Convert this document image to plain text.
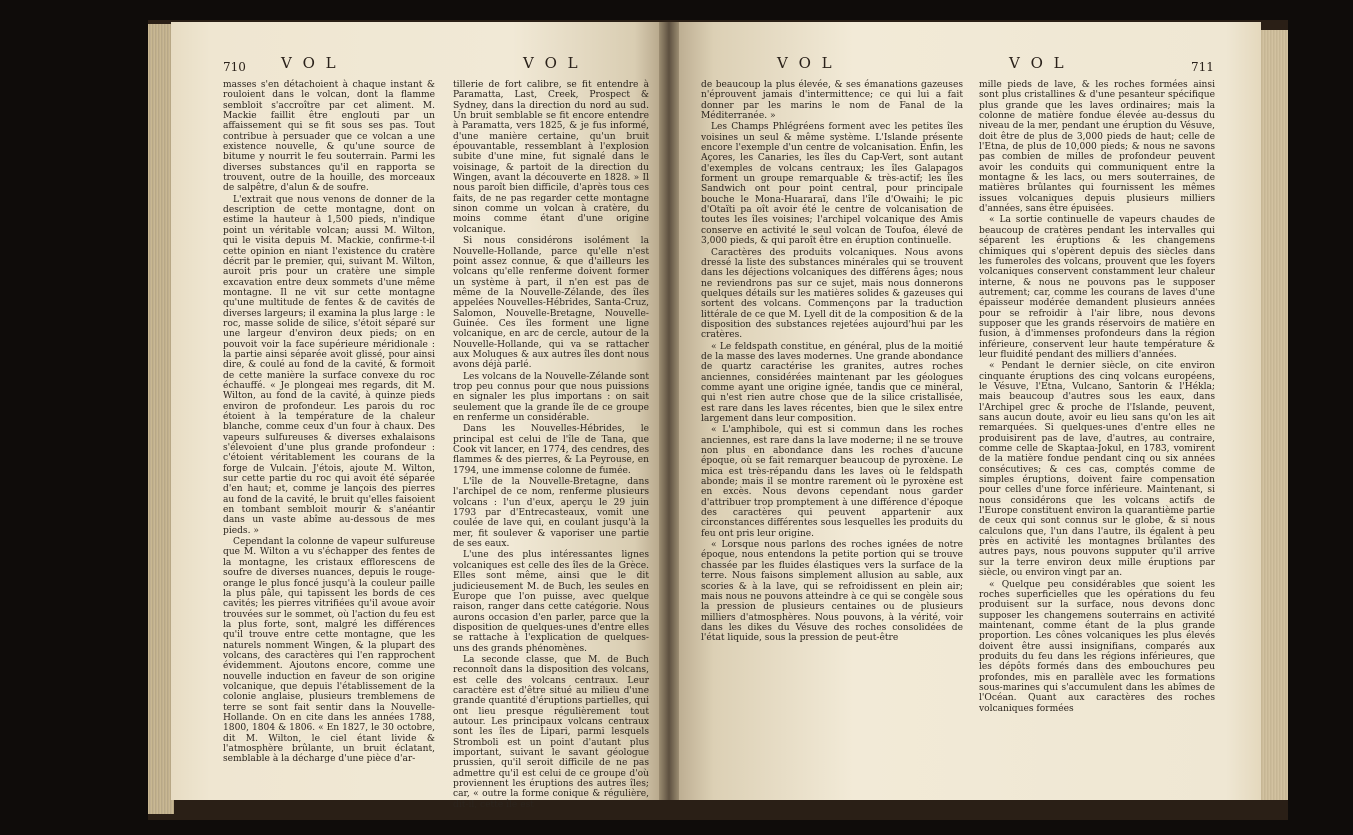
710 V O L	V O L

masses s'en détachoient à chaque instant & rouloient dans le volcan, dont la flamme sembloit s'accroître par cet aliment. M. Mackie faillit être englouti par un affaissement qui se fit sous ses pas. Tout contribue à persuader que ce volcan a une existence nouvelle, & qu'une source de bitume y nourrit le feu souterrain. Parmi les diverses substances qu'il en rapporta se trouvent, outre de la houille, des morceaux de salpêtre, d'alun & de soufre.

L'extrait que nous venons de donner de la description de cette montagne, dont on estime la hauteur à 1,500 pieds, n'indique point un véritable volcan; aussi M. Wilton, qui le visita depuis M. Mackie, confirme-t-il cette opinion en niant l'existence du cratère décrit par le premier, qui, suivant M. Wilton, auroit pris pour un cratère une simple excavation entre deux sommets d'une même montagne. Il ne vit sur cette montagne qu'une multitude de fentes & de cavités de diverses largeurs; il examina la plus large : le roc, masse solide de silice, s'étoit séparé sur une largeur d'environ deux pieds; on en pouvoit voir la face supérieure méridionale : la partie ainsi séparée avoit glissé, pour ainsi dire, & coulé au fond de la cavité, & formoit de cette manière la surface convexe du roc échauffé. « Je plongeai mes regards, dit M. Wilton, au fond de la cavité, à quinze pieds environ de profondeur. Les parois du roc étoient à la température de la chaleur blanche, comme ceux d'un four à chaux. Des vapeurs sulfureuses & diverses exhalaisons s'élevoient d'une plus grande profondeur : c'étoient véritablement les courans de la forge de Vulcain. J'étois, ajoute M. Wilton, sur cette partie du roc qui avoit été séparée d'en haut; et, comme je lançois des pierres au fond de la cavité, le bruit qu'elles faisoient en tombant sembloit mourir & s'anéantir dans un vaste abîme au-dessous de mes pieds. »

Cependant la colonne de vapeur sulfureuse que M. Wilton a vu s'échapper des fentes de la montagne, les cristaux efflorescens de soufre de diverses nuances, depuis le rouge-orange le plus foncé jusqu'à la couleur paille la plus pâle, qui tapissent les bords de ces cavités; les pierres vitrifiées qu'il avoue avoir trouvées sur le sommet, où l'action du feu est la plus forte, sont, malgré les différences qu'il trouve entre cette montagne, que les naturels nomment Wingen, & la plupart des volcans, des caractères qui l'en rapprochent évidemment. Ajoutons encore, comme une nouvelle induction en faveur de son origine volcanique, que depuis l'établissement de la colonie anglaise, plusieurs tremblemens de terre se sont fait sentir dans la Nouvelle-Hollande. On en cite dans les années 1788, 1800, 1804 & 1806. « En 1827, le 30 octobre, dit M. Wilton, le ciel étant livide & l'atmosphère brûlante, un bruit éclatant, semblable à la décharge d'une pièce d'ar-

tillerie de fort calibre, se fit entendre à Paramatta, Last, Creek, Prospect & Sydney, dans la direction du nord au sud. Un bruit semblable se fit encore entendre à Paramatta, vers 1825, & je fus informé, d'une manière certaine, qu'un bruit épouvantable, ressemblant à l'explosion subite d'une mine, fut signalé dans le voisinage, & partoit de la direction du Wingen, avant la découverte en 1828. » Il nous paroît bien difficile, d'après tous ces faits, de ne pas regarder cette montagne sinon comme un volcan à cratère, du moins comme étant d'une origine volcanique.

Si nous considérons isolément la Nouvelle-Hollande, parce qu'elle n'est point assez connue, & que d'ailleurs les volcans qu'elle renferme doivent former un système à part, il n'en est pas de même de la Nouvelle-Zélande, des îles appelées Nouvelles-Hébrides, Santa-Cruz, Salomon, Nouvelle-Bretagne, Nouvelle-Guinée. Ces îles forment une ligne volcanique, en arc de cercle, autour de la Nouvelle-Hollande, qui va se rattacher aux Moluques & aux autres îles dont nous avons déjà parlé.

Les volcans de la Nouvelle-Zélande sont trop peu connus pour que nous puissions en signaler les plus importans : on sait seulement que la grande île de ce groupe en renferme un considérable.

Dans les Nouvelles-Hébrides, le principal est celui de l'île de Tana, que Cook vit lancer, en 1774, des cendres, des flammes & des pierres, & La Peyrouse, en 1794, une immense colonne de fumée.

L'île de la Nouvelle-Bretagne, dans l'archipel de ce nom, renferme plusieurs volcans : l'un d'eux, aperçu le 29 juin 1793 par d'Entrecasteaux, vomit une coulée de lave qui, en coulant jusqu'à la mer, fit soulever & vaporiser une partie de ses eaux.

L'une des plus intéressantes lignes volcaniques est celle des îles de la Grèce. Elles sont même, ainsi que le dit judicieusement M. de Buch, les seules en Europe que l'on puisse, avec quelque raison, ranger dans cette catégorie. Nous aurons occasion d'en parler, parce que la disposition de quelques-unes d'entre elles se rattache à l'explication de quelques-uns des grands phénomènes.

La seconde classe, que M. de Buch reconnoît dans la disposition des volcans, est celle des volcans centraux. Leur caractère est d'être situé au milieu d'une grande quantité d'éruptions partielles, qui ont lieu presque régulièrement tout autour. Les principaux volcans centraux sont les îles de Lipari, parmi lesquels Stromboli est un point d'autant plus important, suivant le savant géologue prussien, qu'il seroit difficile de ne pas admettre qu'il est celui de ce groupe d'où proviennent les éruptions des autres îles; car, « outre la forme conique & régulière, dit-il, cette île est

V O L	V O L	711

de beaucoup la plus élevée, & ses émanations gazeuses n'éprouvent jamais d'intermittence; ce qui lui a fait donner par les marins le nom de Fanal de la Méditerranée. »

Les Champs Phlégréens forment avec les petites îles voisines un seul & même système. L'Islande présente encore l'exemple d'un centre de volcanisation. Enfin, les Açores, les Canaries, les îles du Cap-Vert, sont autant d'exemples de volcans centraux; les îles Galapagos forment un groupe remarquable & très-actif; les îles Sandwich ont pour point central, pour principale bouche le Mona-Huararaï, dans l'île d'Owaihi; le pic d'Otaïti pa oît avoir été le centre de volcanisation de toutes les îles voisines; l'archipel volcanique des Amis conserve en activité le seul volcan de Toufoa, élevé de 3,000 pieds, & qui paroît être en éruption continuelle.

Caractères des produits volcaniques. Nous avons dressé la liste des substances minérales qui se trouvent dans les déjections volcaniques des différens âges; nous ne reviendrons pas sur ce sujet, mais nous donnerons quelques détails sur les matières solides & gazeuses qui sortent des volcans. Commençons par la traduction littérale de ce que M. Lyell dit de la composition & de la disposition des substances rejetées aujourd'hui par les cratères.

« Le feldspath constitue, en général, plus de la moitié de la masse des laves modernes. Une grande abondance de quartz caractérise les granites, autres roches anciennes, considérées maintenant par les géologues comme ayant une origine ignée, tandis que ce minéral, qui n'est rien autre chose que de la silice cristallisée, est rare dans les laves récentes, bien que le silex entre largement dans leur composition.

« L'amphibole, qui est si commun dans les roches anciennes, est rare dans la lave moderne; il ne se trouve non plus en abondance dans les roches d'aucune époque, où se fait remarquer beaucoup de pyroxène. Le mica est très-répandu dans les laves où le feldspath abonde; mais il se montre rarement où le pyroxène est en excès. Nous devons cependant nous garder d'attribuer trop promptement à une différence d'époque des caractères qui peuvent appartenir aux circonstances différentes sous lesquelles les produits du feu ont pris leur origine.

« Lorsque nous parlons des roches ignées de notre époque, nous entendons la petite portion qui se trouve chassée par les fluides élastiques vers la surface de la terre. Nous faisons simplement allusion au sable, aux scories & à la lave, qui se refroidissent en plein air; mais nous ne pouvons atteindre à ce qui se congèle sous la pression de plusieurs centaines ou de plusieurs milliers d'atmosphères. Nous pouvons, à la vérité, voir dans les dikes du Vésuve des roches consolidées de l'état liquide, sous la pression de peut-être

mille pieds de lave, & les roches formées ainsi sont plus cristallines & d'une pesanteur spécifique plus grande que les laves ordinaires; mais la colonne de matière fondue élevée au-dessus du niveau de la mer, pendant une éruption du Vésuve, doit être de plus de 3,000 pieds de haut; celle de l'Etna, de plus de 10,000 pieds; & nous ne savons pas combien de milles de profondeur peuvent avoir les conduits qui communiquent entre la montagne & les lacs, ou mers souterraines, de matières brûlantes qui fournissent les mêmes issues volcaniques depuis plusieurs milliers d'années, sans être épuisées.

« La sortie continuelle de vapeurs chaudes de beaucoup de cratères pendant les intervalles qui séparent les éruptions & les changemens chimiques qui s'opèrent depuis des siècles dans les fumeroles des volcans, prouvent que les foyers volcaniques conservent constamment leur chaleur interne, & nous ne pouvons pas le supposer autrement; car, comme les courans de laves d'une épaisseur modérée demandent plusieurs années pour se refroidir à l'air libre, nous devons supposer que les grands réservoirs de matière en fusion, à d'immenses profondeurs dans la région inférieure, conservent leur haute température & leur fluidité pendant des milliers d'années.

« Pendant le dernier siècle, on cite environ cinquante éruptions des cinq volcans européens, le Vésuve, l'Etna, Vulcano, Santorin & l'Hékla; mais beaucoup d'autres sous les eaux, dans l'Archipel grec & proche de l'Islande, peuvent, sans aucun doute, avoir eu lieu sans qu'on les ait remarquées. Si quelques-unes d'entre elles ne produisirent pas de lave, d'autres, au contraire, comme celle de Skaptaa-Jokul, en 1783, vomirent de la matière fondue pendant cinq ou six années consécutives; & ces cas, comptés comme de simples éruptions, doivent faire compensation pour celles d'une force inférieure. Maintenant, si nous considérons que les volcans actifs de l'Europe constituent environ la quarantième partie de ceux qui sont connus sur le globe, & si nous calculons que, l'un dans l'autre, ils égalent à peu près en activité les montagnes brûlantes des autres pays, nous pouvons supputer qu'il arrive sur la terre environ deux mille éruptions par siècle, ou environ vingt par an.

« Quelque peu considérables que soient les roches superficielles que les opérations du feu produisent sur la surface, nous devons donc supposer les changemens souterrains en activité maintenant, comme étant de la plus grande proportion. Les cônes volcaniques les plus élevés doivent être aussi insignifians, comparés aux produits du feu dans les régions inférieures, que les dépôts formés dans des embouchures peu profondes, mis en parallèle avec les formations sous-marines qui s'accumulent dans les abîmes de l'Océan. Quant aux caractères des roches volcaniques formées
